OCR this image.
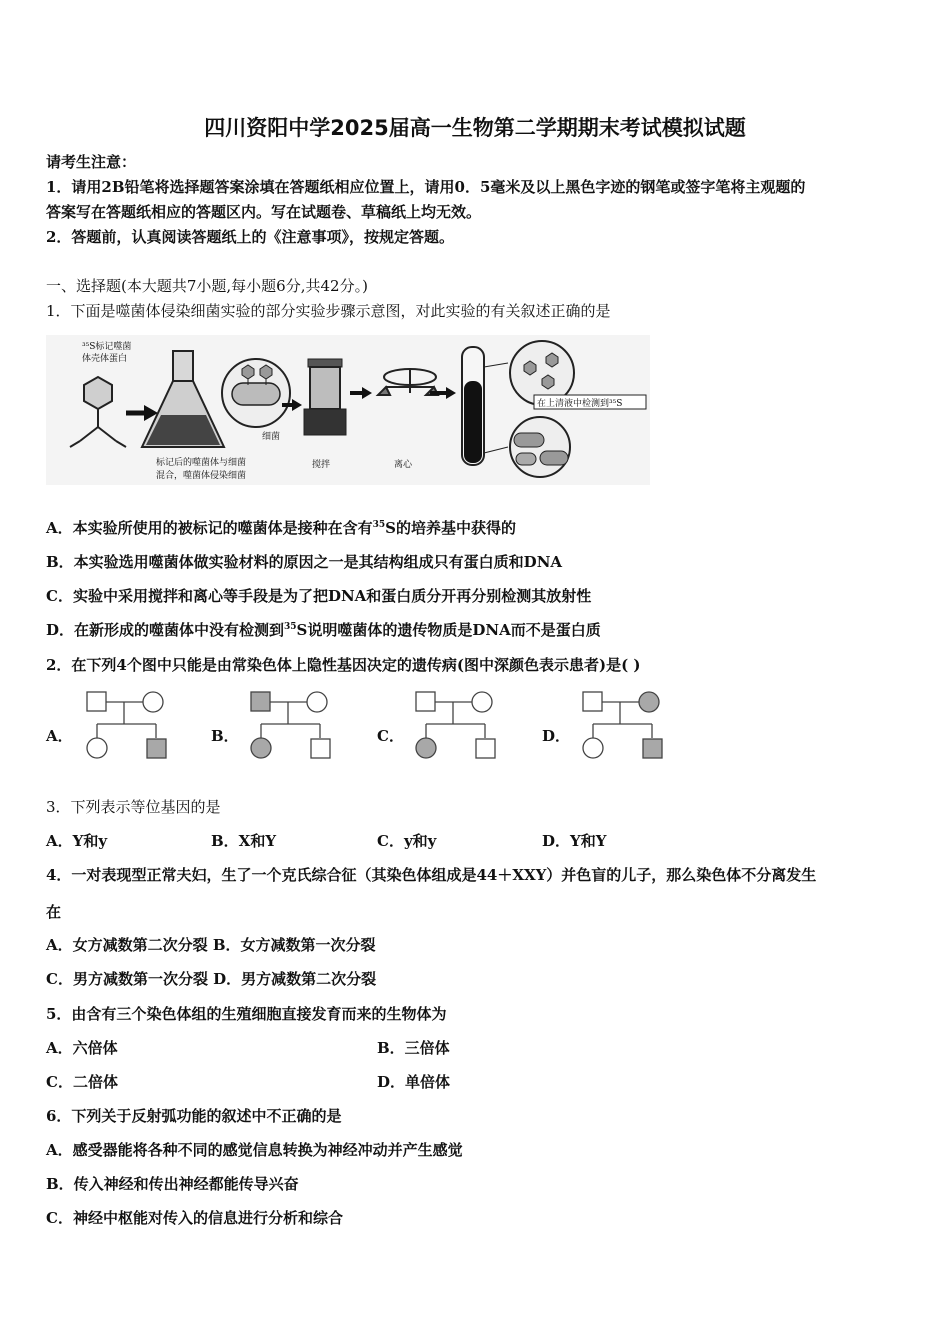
四川资阳中学2025届高一生物第二学期期末考试模拟试题
请考生注意：
1．请用2B铅笔将选择题答案涂填在答题纸相应位置上，请用0．5毫米及以上黑色字迹的钢笔或签字笔将主观题的
答案写在答题纸相应的答题区内。写在试题卷、草稿纸上均无效。
2．答题前，认真阅读答题纸上的《注意事项》，按规定答题。
一、选择题(本大题共7小题,每小题6分,共42分。)
1．下面是噬菌体侵染细菌实验的部分实验步骤示意图，对此实验的有关叙述正确的是
³⁵S标记噬菌
体壳体蛋白
细菌
标记后的噬菌体与细菌
混合，噬菌体侵染细菌
搅拌	离心
在上清液中检测到³⁵S
A．本实验所使用的被标记的噬菌体是接种在含有$^{35}$S的培养基中获得的
B．本实验选用噬菌体做实验材料的原因之一是其结构组成只有蛋白质和DNA
C．实验中采用搅拌和离心等手段是为了把DNA和蛋白质分开再分别检测其放射性
D．在新形成的噬菌体中没有检测到$^{35}$S说明噬菌体的遗传物质是DNA而不是蛋白质
2．在下列4个图中只能是由常染色体上隐性基因决定的遗传病(图中深颜色表示患者)是( )
A．	B．	C．	D．
3．下列表示等位基因的是
A．Y和y	B．X和Y	C．y和y	D．Y和Y
4．一对表现型正常夫妇，生了一个克氏综合征（其染色体组成是44＋XXY）并色盲的儿子，那么染色体不分离发生
在
A．女方减数第二次分裂 B．女方减数第一次分裂
C．男方减数第一次分裂 D．男方减数第二次分裂
5．由含有三个染色体组的生殖细胞直接发育而来的生物体为
A．六倍体	B．三倍体
C．二倍体	D．单倍体
6．下列关于反射弧功能的叙述中不正确的是
A．感受器能将各种不同的感觉信息转换为神经冲动并产生感觉
B．传入神经和传出神经都能传导兴奋
C．神经中枢能对传入的信息进行分析和综合
